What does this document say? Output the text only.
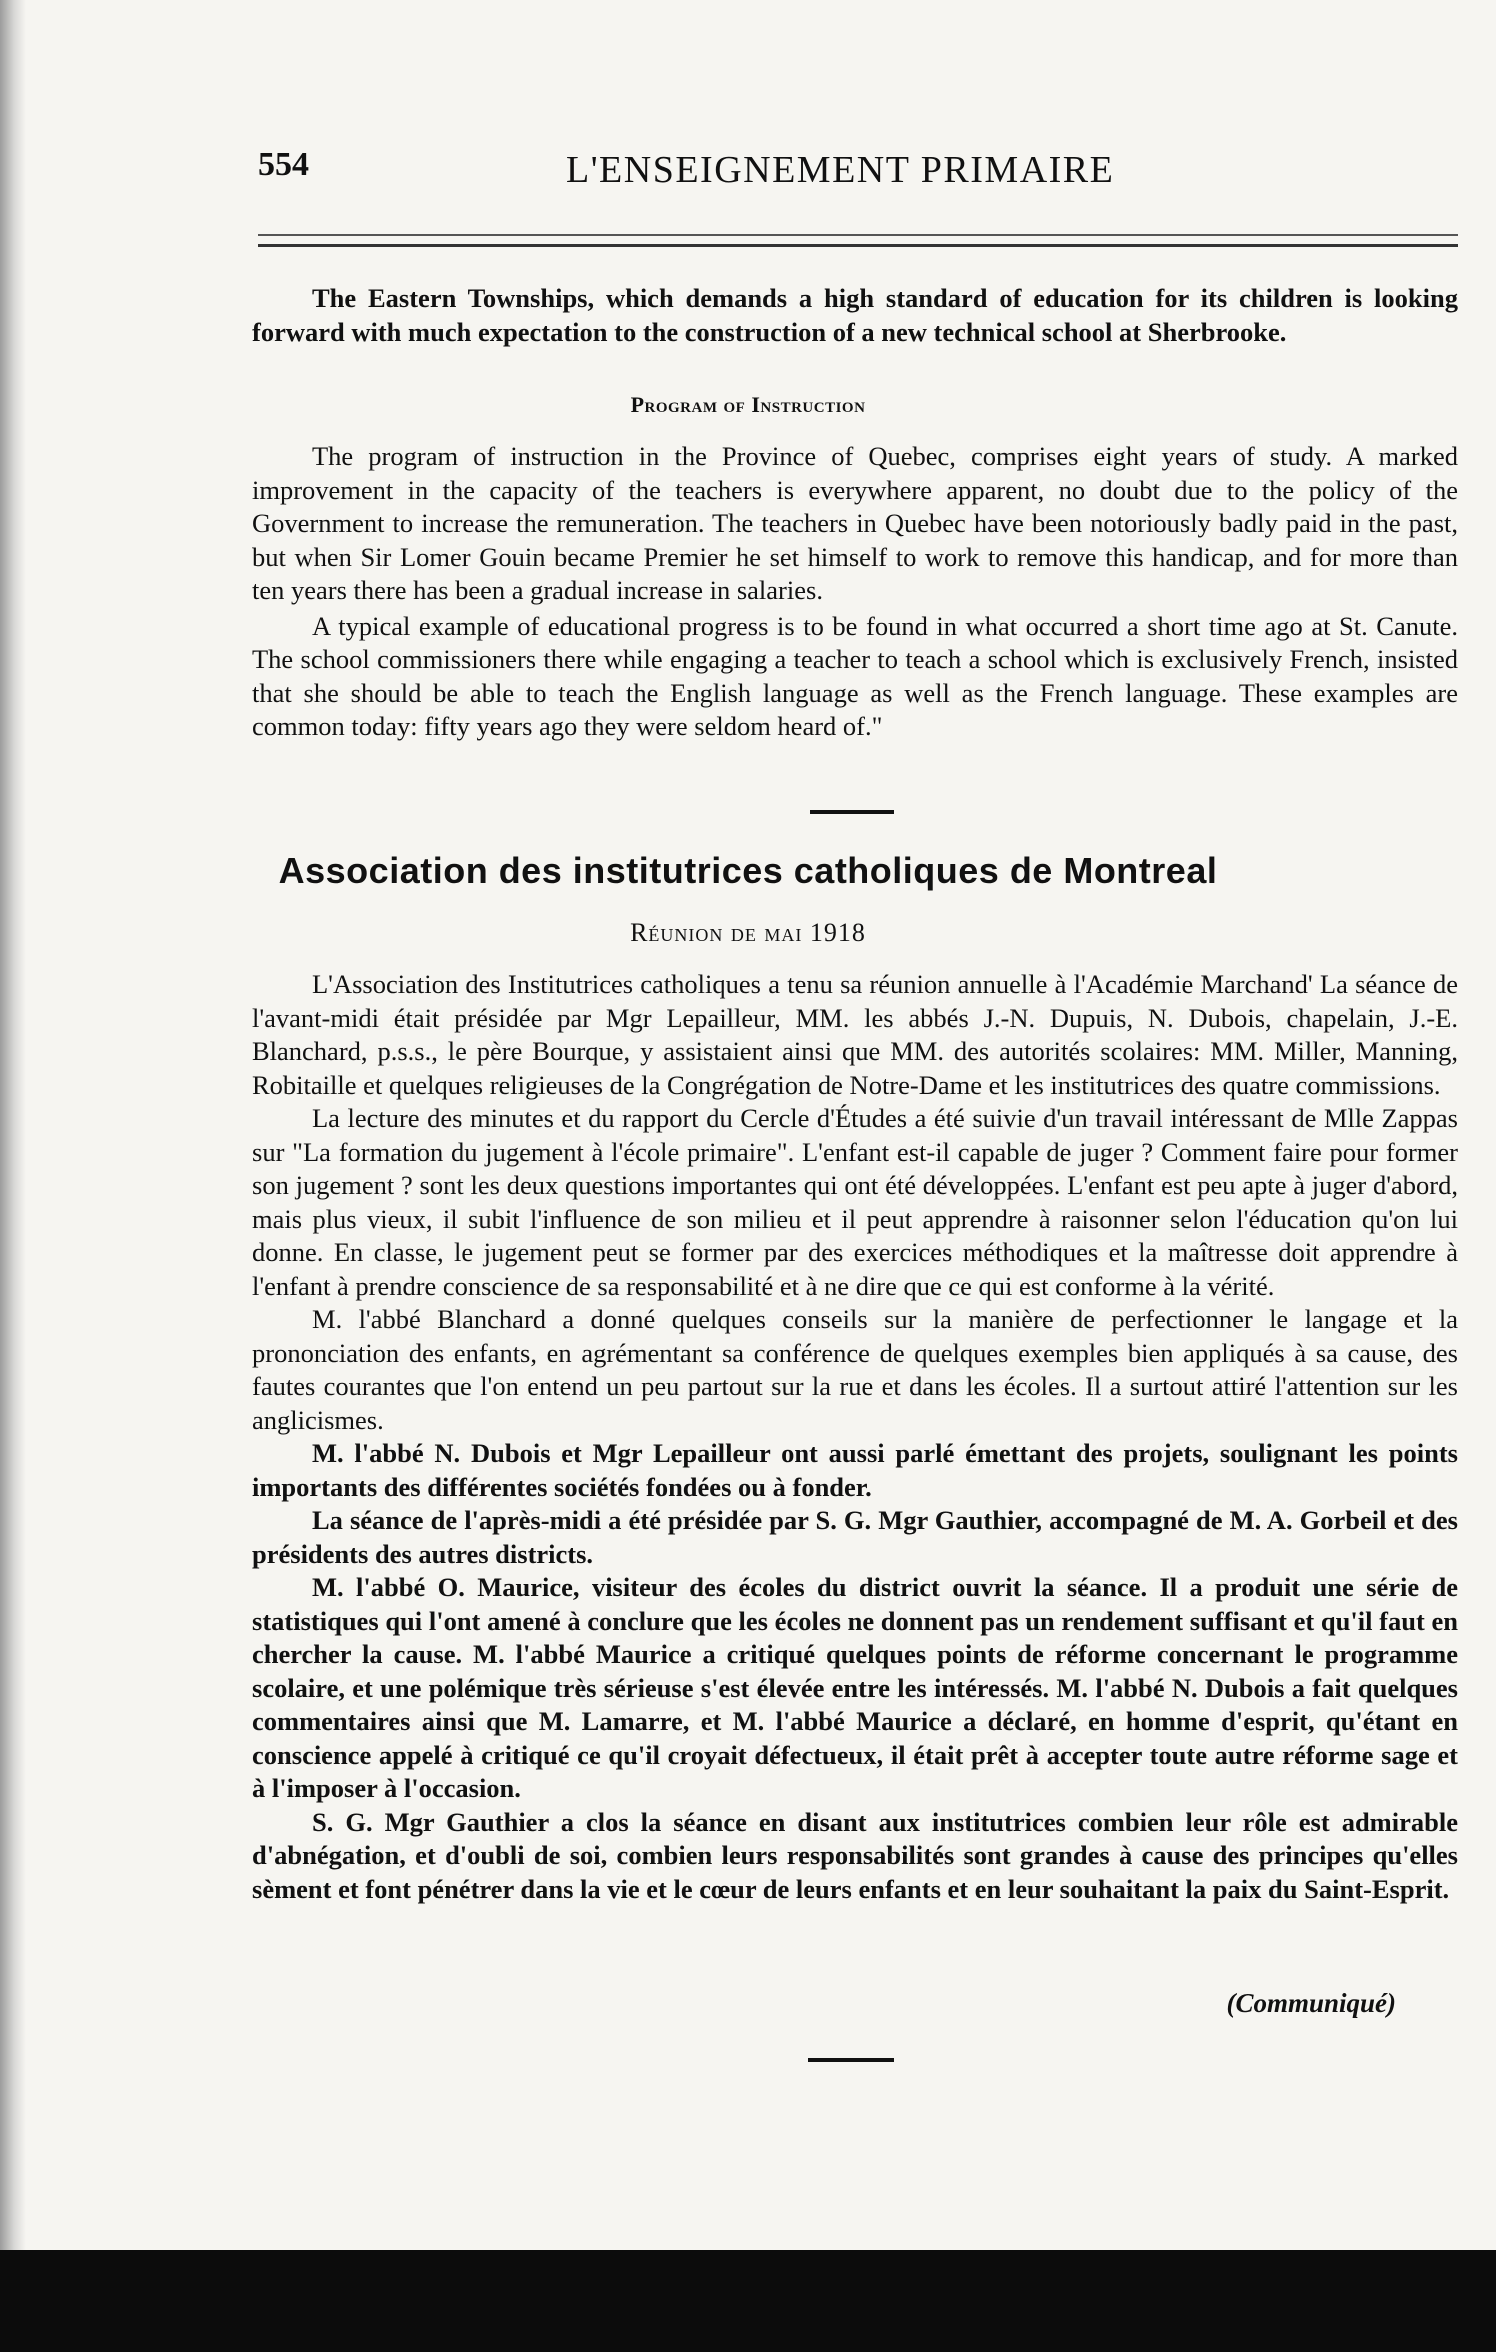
554	L'ENSEIGNEMENT PRIMAIRE

The Eastern Townships, which demands a high standard of education for its children is looking forward with much expectation to the construction of a new technical school at Sherbrooke.

Program of Instruction

The program of instruction in the Province of Quebec, comprises eight years of study. A marked improvement in the capacity of the teachers is everywhere apparent, no doubt due to the policy of the Government to increase the remuneration. The teachers in Quebec have been notoriously badly paid in the past, but when Sir Lomer Gouin became Premier he set himself to work to remove this handicap, and for more than ten years there has been a gradual increase in salaries.

A typical example of educational progress is to be found in what occurred a short time ago at St. Canute. The school commissioners there while engaging a teacher to teach a school which is exclusively French, insisted that she should be able to teach the English language as well as the French language. These examples are common today: fifty years ago they were seldom heard of."

Association des institutrices catholiques de Montreal
Réunion de mai 1918

L'Association des Institutrices catholiques a tenu sa réunion annuelle à l'Académie Marchand' La séance de l'avant-midi était présidée par Mgr Lepailleur, MM. les abbés J.-N. Dupuis, N. Dubois, chapelain, J.-E. Blanchard, p.s.s., le père Bourque, y assistaient ainsi que MM. des autorités scolaires: MM. Miller, Manning, Robitaille et quelques religieuses de la Congrégation de Notre-Dame et les institutrices des quatre commissions.

La lecture des minutes et du rapport du Cercle d'Études a été suivie d'un travail intéressant de Mlle Zappas sur "La formation du jugement à l'école primaire". L'enfant est-il capable de juger ? Comment faire pour former son jugement ? sont les deux questions importantes qui ont été développées. L'enfant est peu apte à juger d'abord, mais plus vieux, il subit l'influence de son milieu et il peut apprendre à raisonner selon l'éducation qu'on lui donne. En classe, le jugement peut se former par des exercices méthodiques et la maîtresse doit apprendre à l'enfant à prendre conscience de sa responsabilité et à ne dire que ce qui est conforme à la vérité.

M. l'abbé Blanchard a donné quelques conseils sur la manière de perfectionner le langage et la prononciation des enfants, en agrémentant sa conférence de quelques exemples bien appliqués à sa cause, des fautes courantes que l'on entend un peu partout sur la rue et dans les écoles. Il a surtout attiré l'attention sur les anglicismes.

M. l'abbé N. Dubois et Mgr Lepailleur ont aussi parlé émettant des projets, soulignant les points importants des différentes sociétés fondées ou à fonder.

La séance de l'après-midi a été présidée par S. G. Mgr Gauthier, accompagné de M. A. Gorbeil et des présidents des autres districts.

M. l'abbé O. Maurice, visiteur des écoles du district ouvrit la séance. Il a produit une série de statistiques qui l'ont amené à conclure que les écoles ne donnent pas un rendement suffisant et qu'il faut en chercher la cause. M. l'abbé Maurice a critiqué quelques points de réforme concernant le programme scolaire, et une polémique très sérieuse s'est élevée entre les intéressés. M. l'abbé N. Dubois a fait quelques commentaires ainsi que M. Lamarre, et M. l'abbé Maurice a déclaré, en homme d'esprit, qu'étant en conscience appelé à critiqué ce qu'il croyait défectueux, il était prêt à accepter toute autre réforme sage et à l'imposer à l'occasion.

S. G. Mgr Gauthier a clos la séance en disant aux institutrices combien leur rôle est admirable d'abnégation, et d'oubli de soi, combien leurs responsabilités sont grandes à cause des principes qu'elles sèment et font pénétrer dans la vie et le cœur de leurs enfants et en leur souhaitant la paix du Saint-Esprit.

(Communiqué)
